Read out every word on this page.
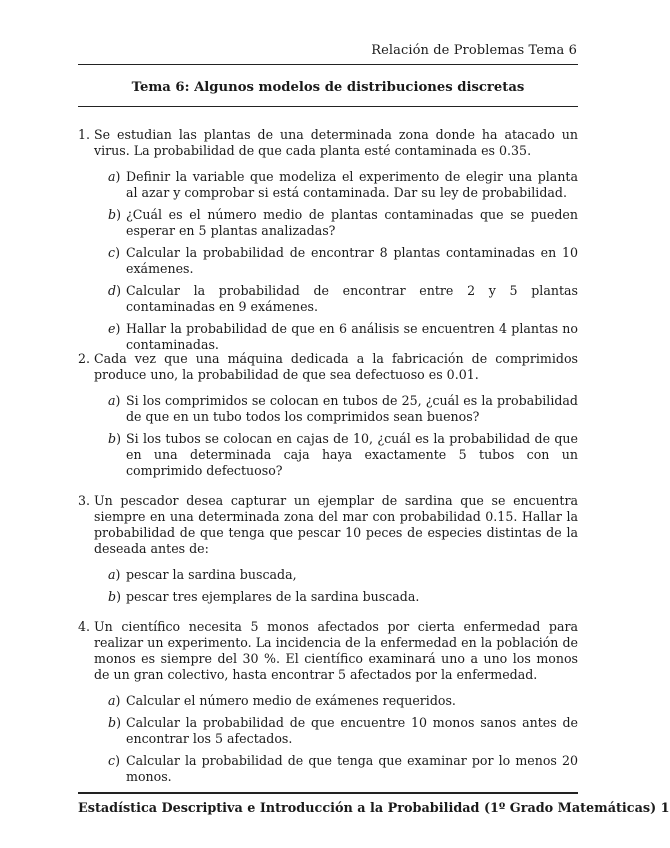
Relación de Problemas Tema 6
Tema 6: Algunos modelos de distribuciones discretas
1. Se estudian las plantas de una determinada zona donde ha atacado un virus. La probabilidad de que cada planta esté contaminada es 0.35.

a) Definir la variable que modeliza el experimento de elegir una planta al azar y comprobar si está contaminada. Dar su ley de probabilidad.
b) ¿Cuál es el número medio de plantas contaminadas que se pueden esperar en 5 plantas analizadas?
c) Calcular la probabilidad de encontrar 8 plantas contaminadas en 10 exámenes.
d) Calcular la probabilidad de encontrar entre 2 y 5 plantas contaminadas en 9 exámenes.
e) Hallar la probabilidad de que en 6 análisis se encuentren 4 plantas no contaminadas.
2. Cada vez que una máquina dedicada a la fabricación de comprimidos produce uno, la probabilidad de que sea defectuoso es 0.01.

a) Si los comprimidos se colocan en tubos de 25, ¿cuál es la probabilidad de que en un tubo todos los comprimidos sean buenos?
b) Si los tubos se colocan en cajas de 10, ¿cuál es la probabilidad de que en una determinada caja haya exactamente 5 tubos con un comprimido defectuoso?
3. Un pescador desea capturar un ejemplar de sardina que se encuentra siempre en una determinada zona del mar con probabilidad 0.15. Hallar la probabilidad de que tenga que pescar 10 peces de especies distintas de la deseada antes de:

a) pescar la sardina buscada,
b) pescar tres ejemplares de la sardina buscada.
4. Un científico necesita 5 monos afectados por cierta enfermedad para realizar un experimento. La incidencia de la enfermedad en la población de monos es siempre del 30 %. El científico examinará uno a uno los monos de un gran colectivo, hasta encontrar 5 afectados por la enfermedad.

a) Calcular el número medio de exámenes requeridos.
b) Calcular la probabilidad de que encuentre 10 monos sanos antes de encontrar los 5 afectados.
c) Calcular la probabilidad de que tenga que examinar por lo menos 20 monos.
Estadística Descriptiva e Introducción a la Probabilidad (1º Grado Matemáticas) 1
